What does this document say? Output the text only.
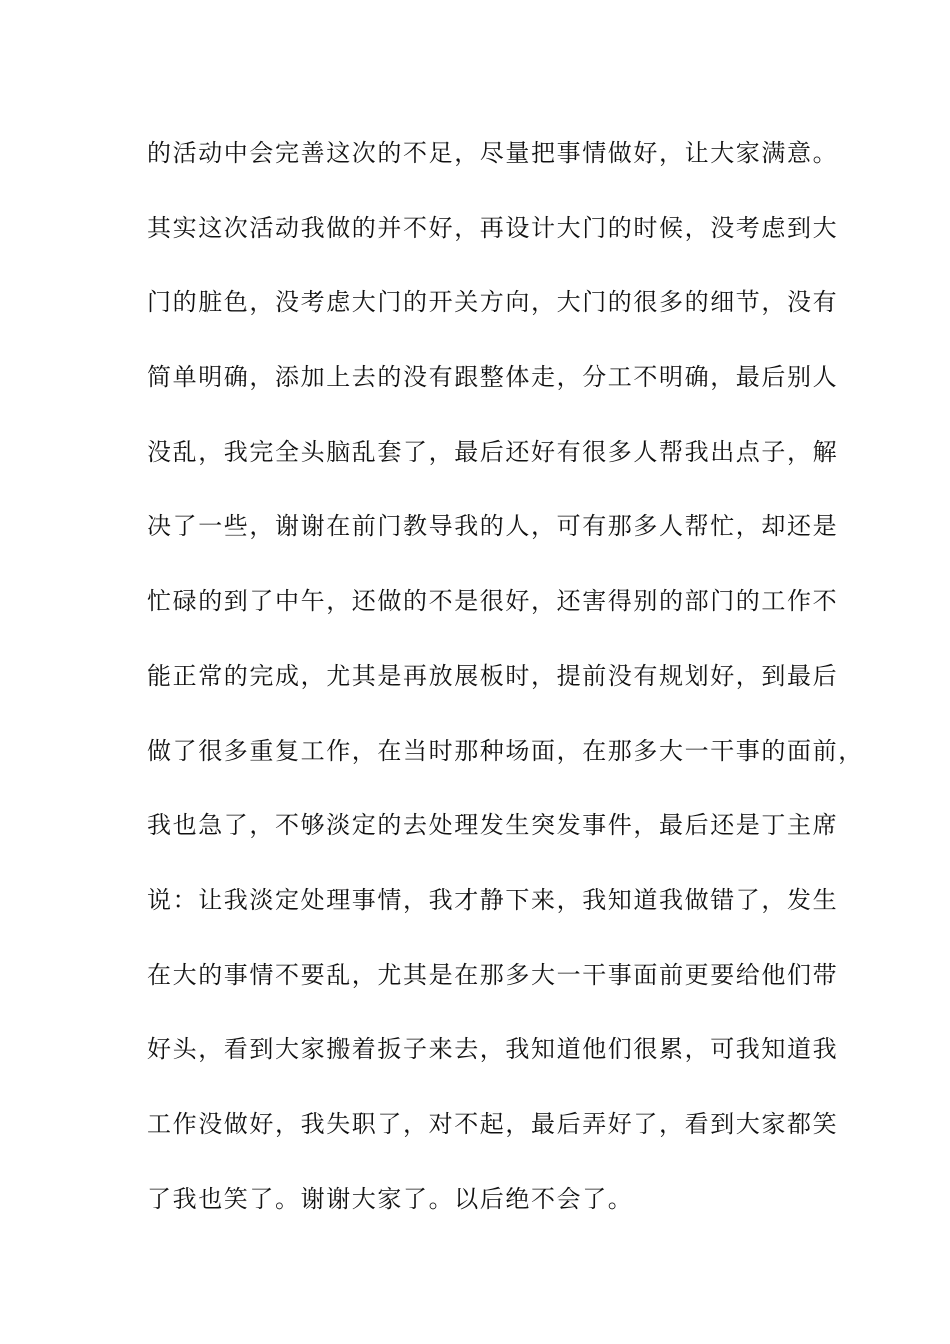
的活动中会完善这次的不足，尽量把事情做好，让大家满意。
其实这次活动我做的并不好，再设计大门的时候，没考虑到大
门的脏色，没考虑大门的开关方向，大门的很多的细节，没有
简单明确，添加上去的没有跟整体走，分工不明确，最后别人
没乱，我完全头脑乱套了，最后还好有很多人帮我出点子，解
决了一些，谢谢在前门教导我的人，可有那多人帮忙，却还是
忙碌的到了中午，还做的不是很好，还害得别的部门的工作不
能正常的完成，尤其是再放展板时，提前没有规划好，到最后
做了很多重复工作，在当时那种场面，在那多大一干事的面前，
我也急了，不够淡定的去处理发生突发事件，最后还是丁主席
说：让我淡定处理事情，我才静下来，我知道我做错了，发生
在大的事情不要乱，尤其是在那多大一干事面前更要给他们带
好头，看到大家搬着扳子来去，我知道他们很累，可我知道我
工作没做好，我失职了，对不起，最后弄好了，看到大家都笑
了我也笑了。谢谢大家了。以后绝不会了。
